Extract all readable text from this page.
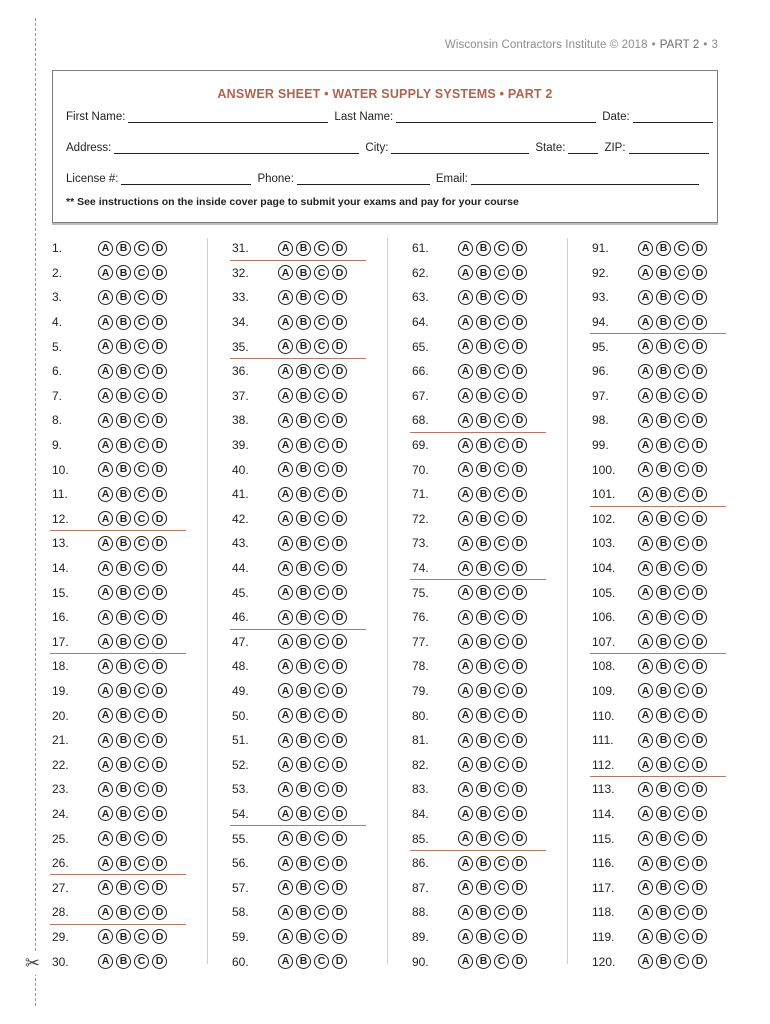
✂
Wisconsin Contractors Institute © 2018 • PART 2 • 3
ANSWER SHEET • WATER SUPPLY SYSTEMS • PART 2
First Name:	Last Name:	Date:
Address:	City:	State:	ZIP:
License #:	Phone:	Email:
** See instructions on the inside cover page to submit your exams and pay for your course
1.	A B C D
2.	A B C D
3.	A B C D
4.	A B C D
5.	A B C D
6.	A B C D
7.	A B C D
8.	A B C D
9.	A B C D
10.	A B C D
11.	A B C D
12.	A B C D
13.	A B C D
14.	A B C D
15.	A B C D
16.	A B C D
17.	A B C D
18.	A B C D
19.	A B C D
20.	A B C D
21.	A B C D
22.	A B C D
23.	A B C D
24.	A B C D
25.	A B C D
26.	A B C D
27.	A B C D
28.	A B C D
29.	A B C D
30.	A B C D
31.	A B C D
32.	A B C D
33.	A B C D
34.	A B C D
35.	A B C D
36.	A B C D
37.	A B C D
38.	A B C D
39.	A B C D
40.	A B C D
41.	A B C D
42.	A B C D
43.	A B C D
44.	A B C D
45.	A B C D
46.	A B C D
47.	A B C D
48.	A B C D
49.	A B C D
50.	A B C D
51.	A B C D
52.	A B C D
53.	A B C D
54.	A B C D
55.	A B C D
56.	A B C D
57.	A B C D
58.	A B C D
59.	A B C D
60.	A B C D
61.	A B C D
62.	A B C D
63.	A B C D
64.	A B C D
65.	A B C D
66.	A B C D
67.	A B C D
68.	A B C D
69.	A B C D
70.	A B C D
71.	A B C D
72.	A B C D
73.	A B C D
74.	A B C D
75.	A B C D
76.	A B C D
77.	A B C D
78.	A B C D
79.	A B C D
80.	A B C D
81.	A B C D
82.	A B C D
83.	A B C D
84.	A B C D
85.	A B C D
86.	A B C D
87.	A B C D
88.	A B C D
89.	A B C D
90.	A B C D
91.	A B C D
92.	A B C D
93.	A B C D
94.	A B C D
95.	A B C D
96.	A B C D
97.	A B C D
98.	A B C D
99.	A B C D
100.	A B C D
101.	A B C D
102.	A B C D
103.	A B C D
104.	A B C D
105.	A B C D
106.	A B C D
107.	A B C D
108.	A B C D
109.	A B C D
110.	A B C D
111.	A B C D
112.	A B C D
113.	A B C D
114.	A B C D
115.	A B C D
116.	A B C D
117.	A B C D
118.	A B C D
119.	A B C D
120.	A B C D
